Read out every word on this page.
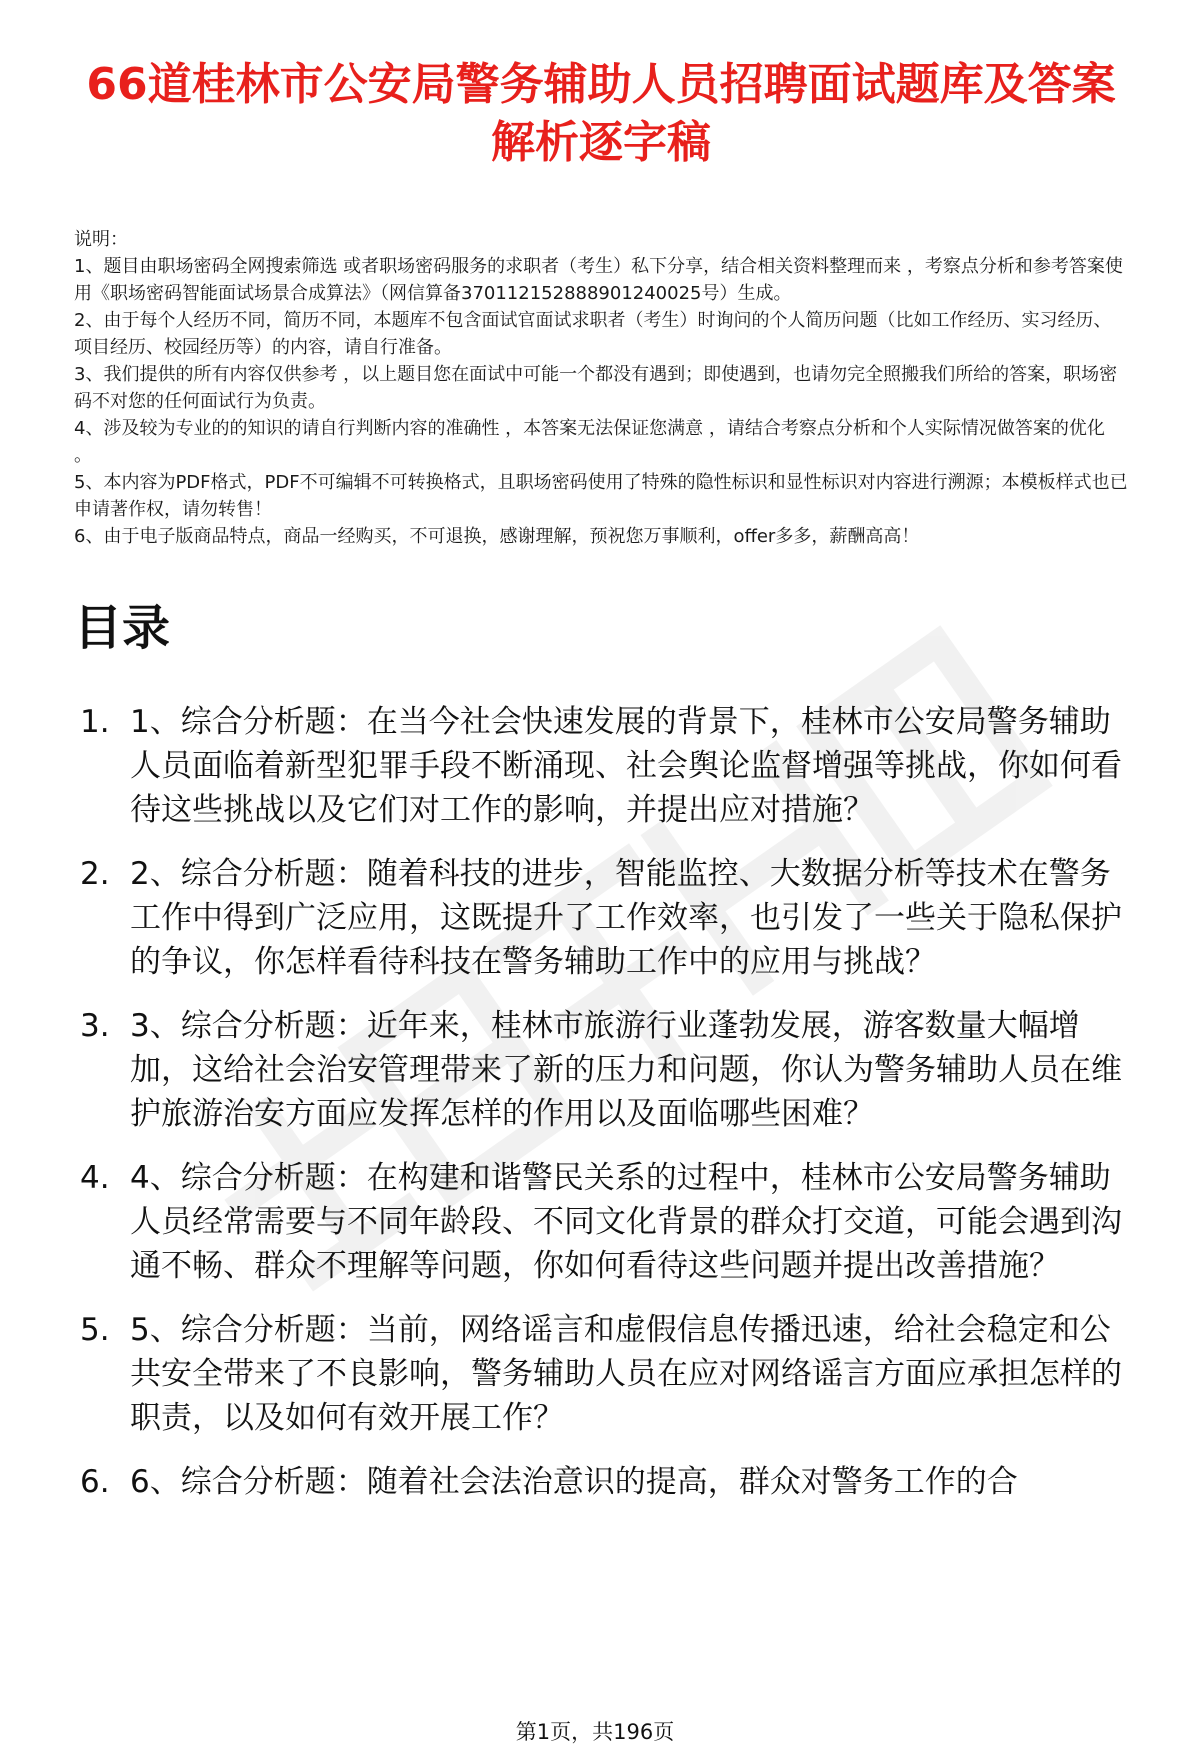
66道桂林市公安局警务辅助人员招聘面试题库及答案解析逐字稿

说明：

1、题目由职场密码全网搜索筛选 或者职场密码服务的求职者（考生）私下分享，结合相关资料整理而来 ，考察点分析和参考答案使用《职场密码智能面试场景合成算法》（网信算备370112152888901240025号）生成。

2、由于每个人经历不同，简历不同，本题库不包含面试官面试求职者（考生）时询问的个人简历问题（比如工作经历、实习经历、项目经历、校园经历等）的内容，请自行准备。

3、我们提供的所有内容仅供参考 ，以上题目您在面试中可能一个都没有遇到；即使遇到，也请勿完全照搬我们所给的答案，职场密码不对您的任何面试行为负责。

4、涉及较为专业的的知识的请自行判断内容的准确性 ，本答案无法保证您满意 ，请结合考察点分析和个人实际情况做答案的优化 。

5、本内容为PDF格式，PDF不可编辑不可转换格式，且职场密码使用了特殊的隐性标识和显性标识对内容进行溯源；本模板样式也已申请著作权，请勿转售！

6、由于电子版商品特点，商品一经购买，不可退换，感谢理解，预祝您万事顺利，offer多多，薪酬高高！

目录
1. 1、综合分析题：在当今社会快速发展的背景下，桂林市公安局警务辅助人员面临着新型犯罪手段不断涌现、社会舆论监督增强等挑战，你如何看待这些挑战以及它们对工作的影响，并提出应对措施？
2. 2、综合分析题：随着科技的进步，智能监控、大数据分析等技术在警务工作中得到广泛应用，这既提升了工作效率，也引发了一些关于隐私保护的争议，你怎样看待科技在警务辅助工作中的应用与挑战？
3. 3、综合分析题：近年来，桂林市旅游行业蓬勃发展，游客数量大幅增加，这给社会治安管理带来了新的压力和问题，你认为警务辅助人员在维护旅游治安方面应发挥怎样的作用以及面临哪些困难？
4. 4、综合分析题：在构建和谐警民关系的过程中，桂林市公安局警务辅助人员经常需要与不同年龄段、不同文化背景的群众打交道，可能会遇到沟通不畅、群众不理解等问题，你如何看待这些问题并提出改善措施？
5. 5、综合分析题：当前，网络谣言和虚假信息传播迅速，给社会稳定和公共安全带来了不良影响，警务辅助人员在应对网络谣言方面应承担怎样的职责，以及如何有效开展工作？
6. 6、综合分析题：随着社会法治意识的提高，群众对警务工作的合
第1页，共196页
